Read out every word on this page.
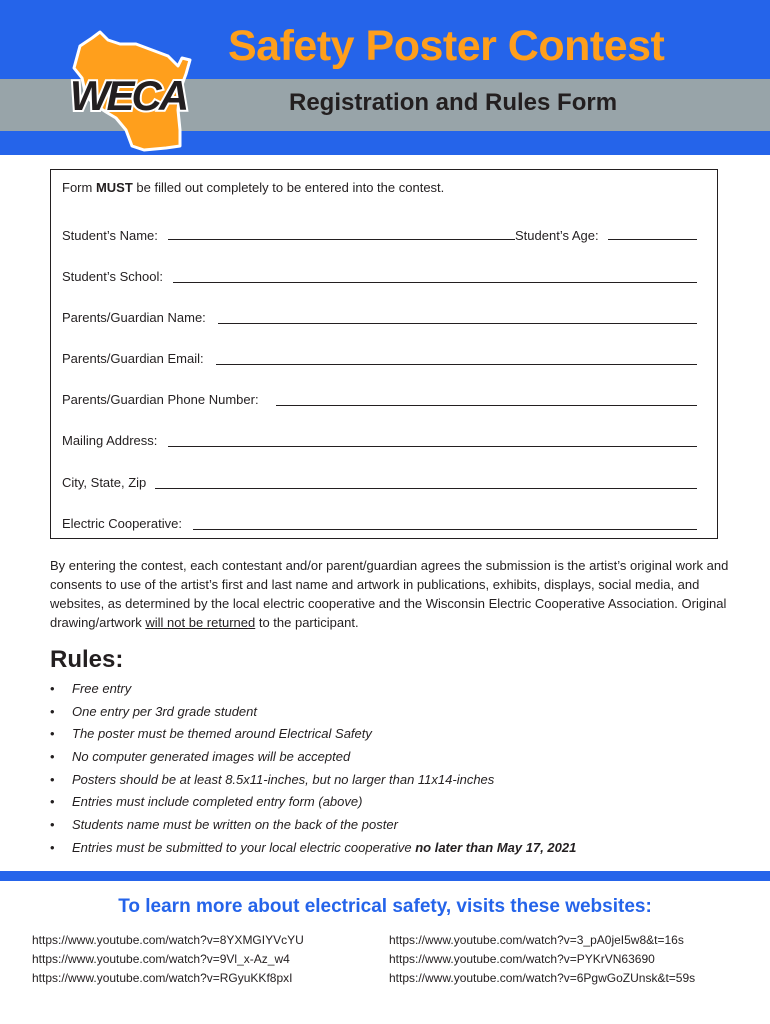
WECA
Safety Poster Contest
Registration and Rules Form
Form MUST be filled out completely to be entered into the contest.
Student’s Name:	Student’s Age:
Student’s School:
Parents/Guardian Name:
Parents/Guardian Email:
Parents/Guardian Phone Number:
Mailing Address:
City, State, Zip
Electric Cooperative:
By entering the contest, each contestant and/or parent/guardian agrees the submission is the artist’s original work and consents to use of the artist’s first and last name and artwork in publications, exhibits, displays, social media, and websites, as determined by the local electric cooperative and the Wisconsin Electric Cooperative Association. Original drawing/artwork will not be returned to the participant.
Rules:
• Free entry
• One entry per 3rd grade student
• The poster must be themed around Electrical Safety
• No computer generated images will be accepted
• Posters should be at least 8.5x11-inches, but no larger than 11x14-inches
• Entries must include completed entry form (above)
• Students name must be written on the back of the poster
• Entries must be submitted to your local electric cooperative no later than May 17, 2021
To learn more about electrical safety, visits these websites:
https://www.youtube.com/watch?v=8YXMGIYVcYU
https://www.youtube.com/watch?v=9Vl_x-Az_w4
https://www.youtube.com/watch?v=RGyuKKf8pxI
https://www.youtube.com/watch?v=3_pA0jeI5w8&t=16s
https://www.youtube.com/watch?v=PYKrVN63690
https://www.youtube.com/watch?v=6PgwGoZUnsk&t=59s
